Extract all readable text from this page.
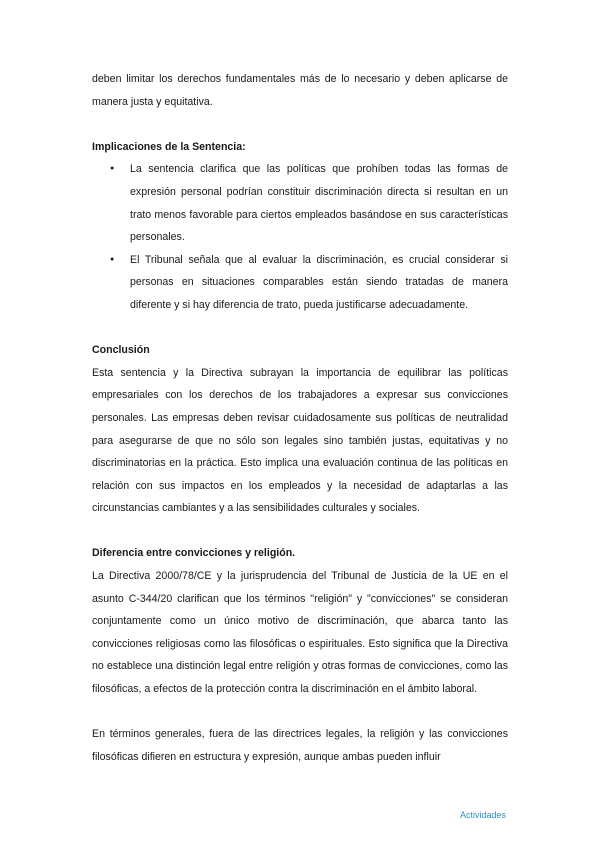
deben limitar los derechos fundamentales más de lo necesario y deben aplicarse de manera justa y equitativa.

Implicaciones de la Sentencia:

● La sentencia clarifica que las políticas que prohíben todas las formas de expresión personal podrían constituir discriminación directa si resultan en un trato menos favorable para ciertos empleados basándose en sus características personales.
● El Tribunal señala que al evaluar la discriminación, es crucial considerar si personas en situaciones comparables están siendo tratadas de manera diferente y si hay diferencia de trato, pueda justificarse adecuadamente.

Conclusión

Esta sentencia y la Directiva subrayan la importancia de equilibrar las políticas empresariales con los derechos de los trabajadores a expresar sus convicciones personales. Las empresas deben revisar cuidadosamente sus políticas de neutralidad para asegurarse de que no sólo son legales sino también justas, equitativas y no discriminatorias en la práctica. Esto implica una evaluación continua de las políticas en relación con sus impactos en los empleados y la necesidad de adaptarlas a las circunstancias cambiantes y a las sensibilidades culturales y sociales.

Diferencia entre convicciones y religión.

La Directiva 2000/78/CE y la jurisprudencia del Tribunal de Justicia de la UE en el asunto C-344/20 clarifican que los términos "religión" y "convicciones" se consideran conjuntamente como un único motivo de discriminación, que abarca tanto las convicciones religiosas como las filosóficas o espirituales. Esto significa que la Directiva no establece una distinción legal entre religión y otras formas de convicciones, como las filosóficas, a efectos de la protección contra la discriminación en el ámbito laboral.

En términos generales, fuera de las directrices legales, la religión y las convicciones filosóficas difieren en estructura y expresión, aunque ambas pueden influir

Actividades
